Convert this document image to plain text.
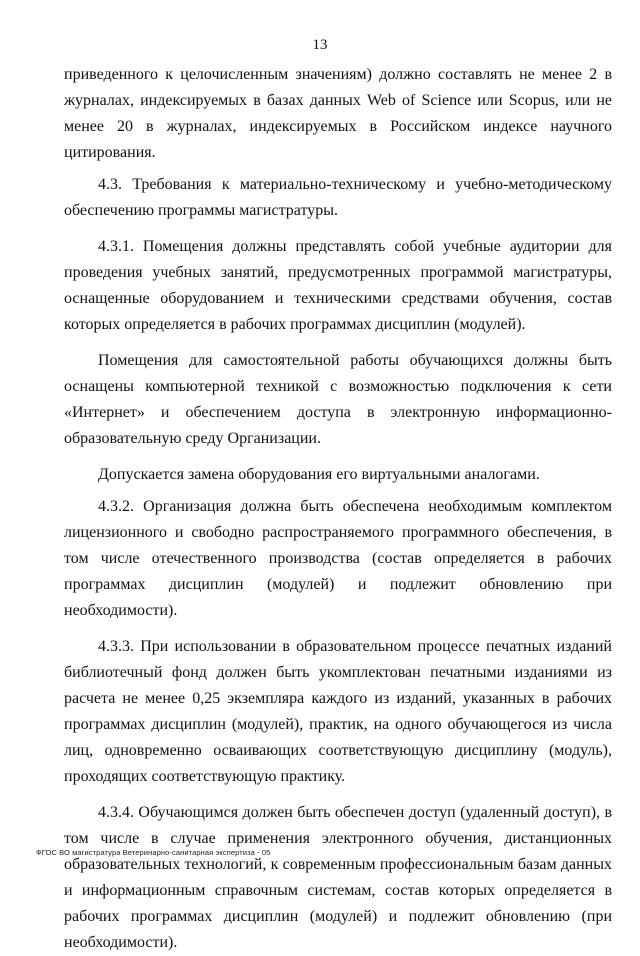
13

приведенного к целочисленным значениям) должно составлять не менее 2 в журналах, индексируемых в базах данных Web of Science или Scopus, или не менее 20 в журналах, индексируемых в Российском индексе научного цитирования.

4.3. Требования к материально-техническому и учебно-методическому обеспечению программы магистратуры.

4.3.1. Помещения должны представлять собой учебные аудитории для проведения учебных занятий, предусмотренных программой магистратуры, оснащенные оборудованием и техническими средствами обучения, состав которых определяется в рабочих программах дисциплин (модулей).

Помещения для самостоятельной работы обучающихся должны быть оснащены компьютерной техникой с возможностью подключения к сети «Интернет» и обеспечением доступа в электронную информационно-образовательную среду Организации.

Допускается замена оборудования его виртуальными аналогами.

4.3.2. Организация должна быть обеспечена необходимым комплектом лицензионного и свободно распространяемого программного обеспечения, в том числе отечественного производства (состав определяется в рабочих программах дисциплин (модулей) и подлежит обновлению при необходимости).

4.3.3. При использовании в образовательном процессе печатных изданий библиотечный фонд должен быть укомплектован печатными изданиями из расчета не менее 0,25 экземпляра каждого из изданий, указанных в рабочих программах дисциплин (модулей), практик, на одного обучающегося из числа лиц, одновременно осваивающих соответствующую дисциплину (модуль), проходящих соответствующую практику.

4.3.4. Обучающимся должен быть обеспечен доступ (удаленный доступ), в том числе в случае применения электронного обучения, дистанционных образовательных технологий, к современным профессиональным базам данных и информационным справочным системам, состав которых определяется в рабочих программах дисциплин (модулей) и подлежит обновлению (при необходимости).

ФГОС ВО магистратура Ветеринарно-санитарная экспертиза - 05
